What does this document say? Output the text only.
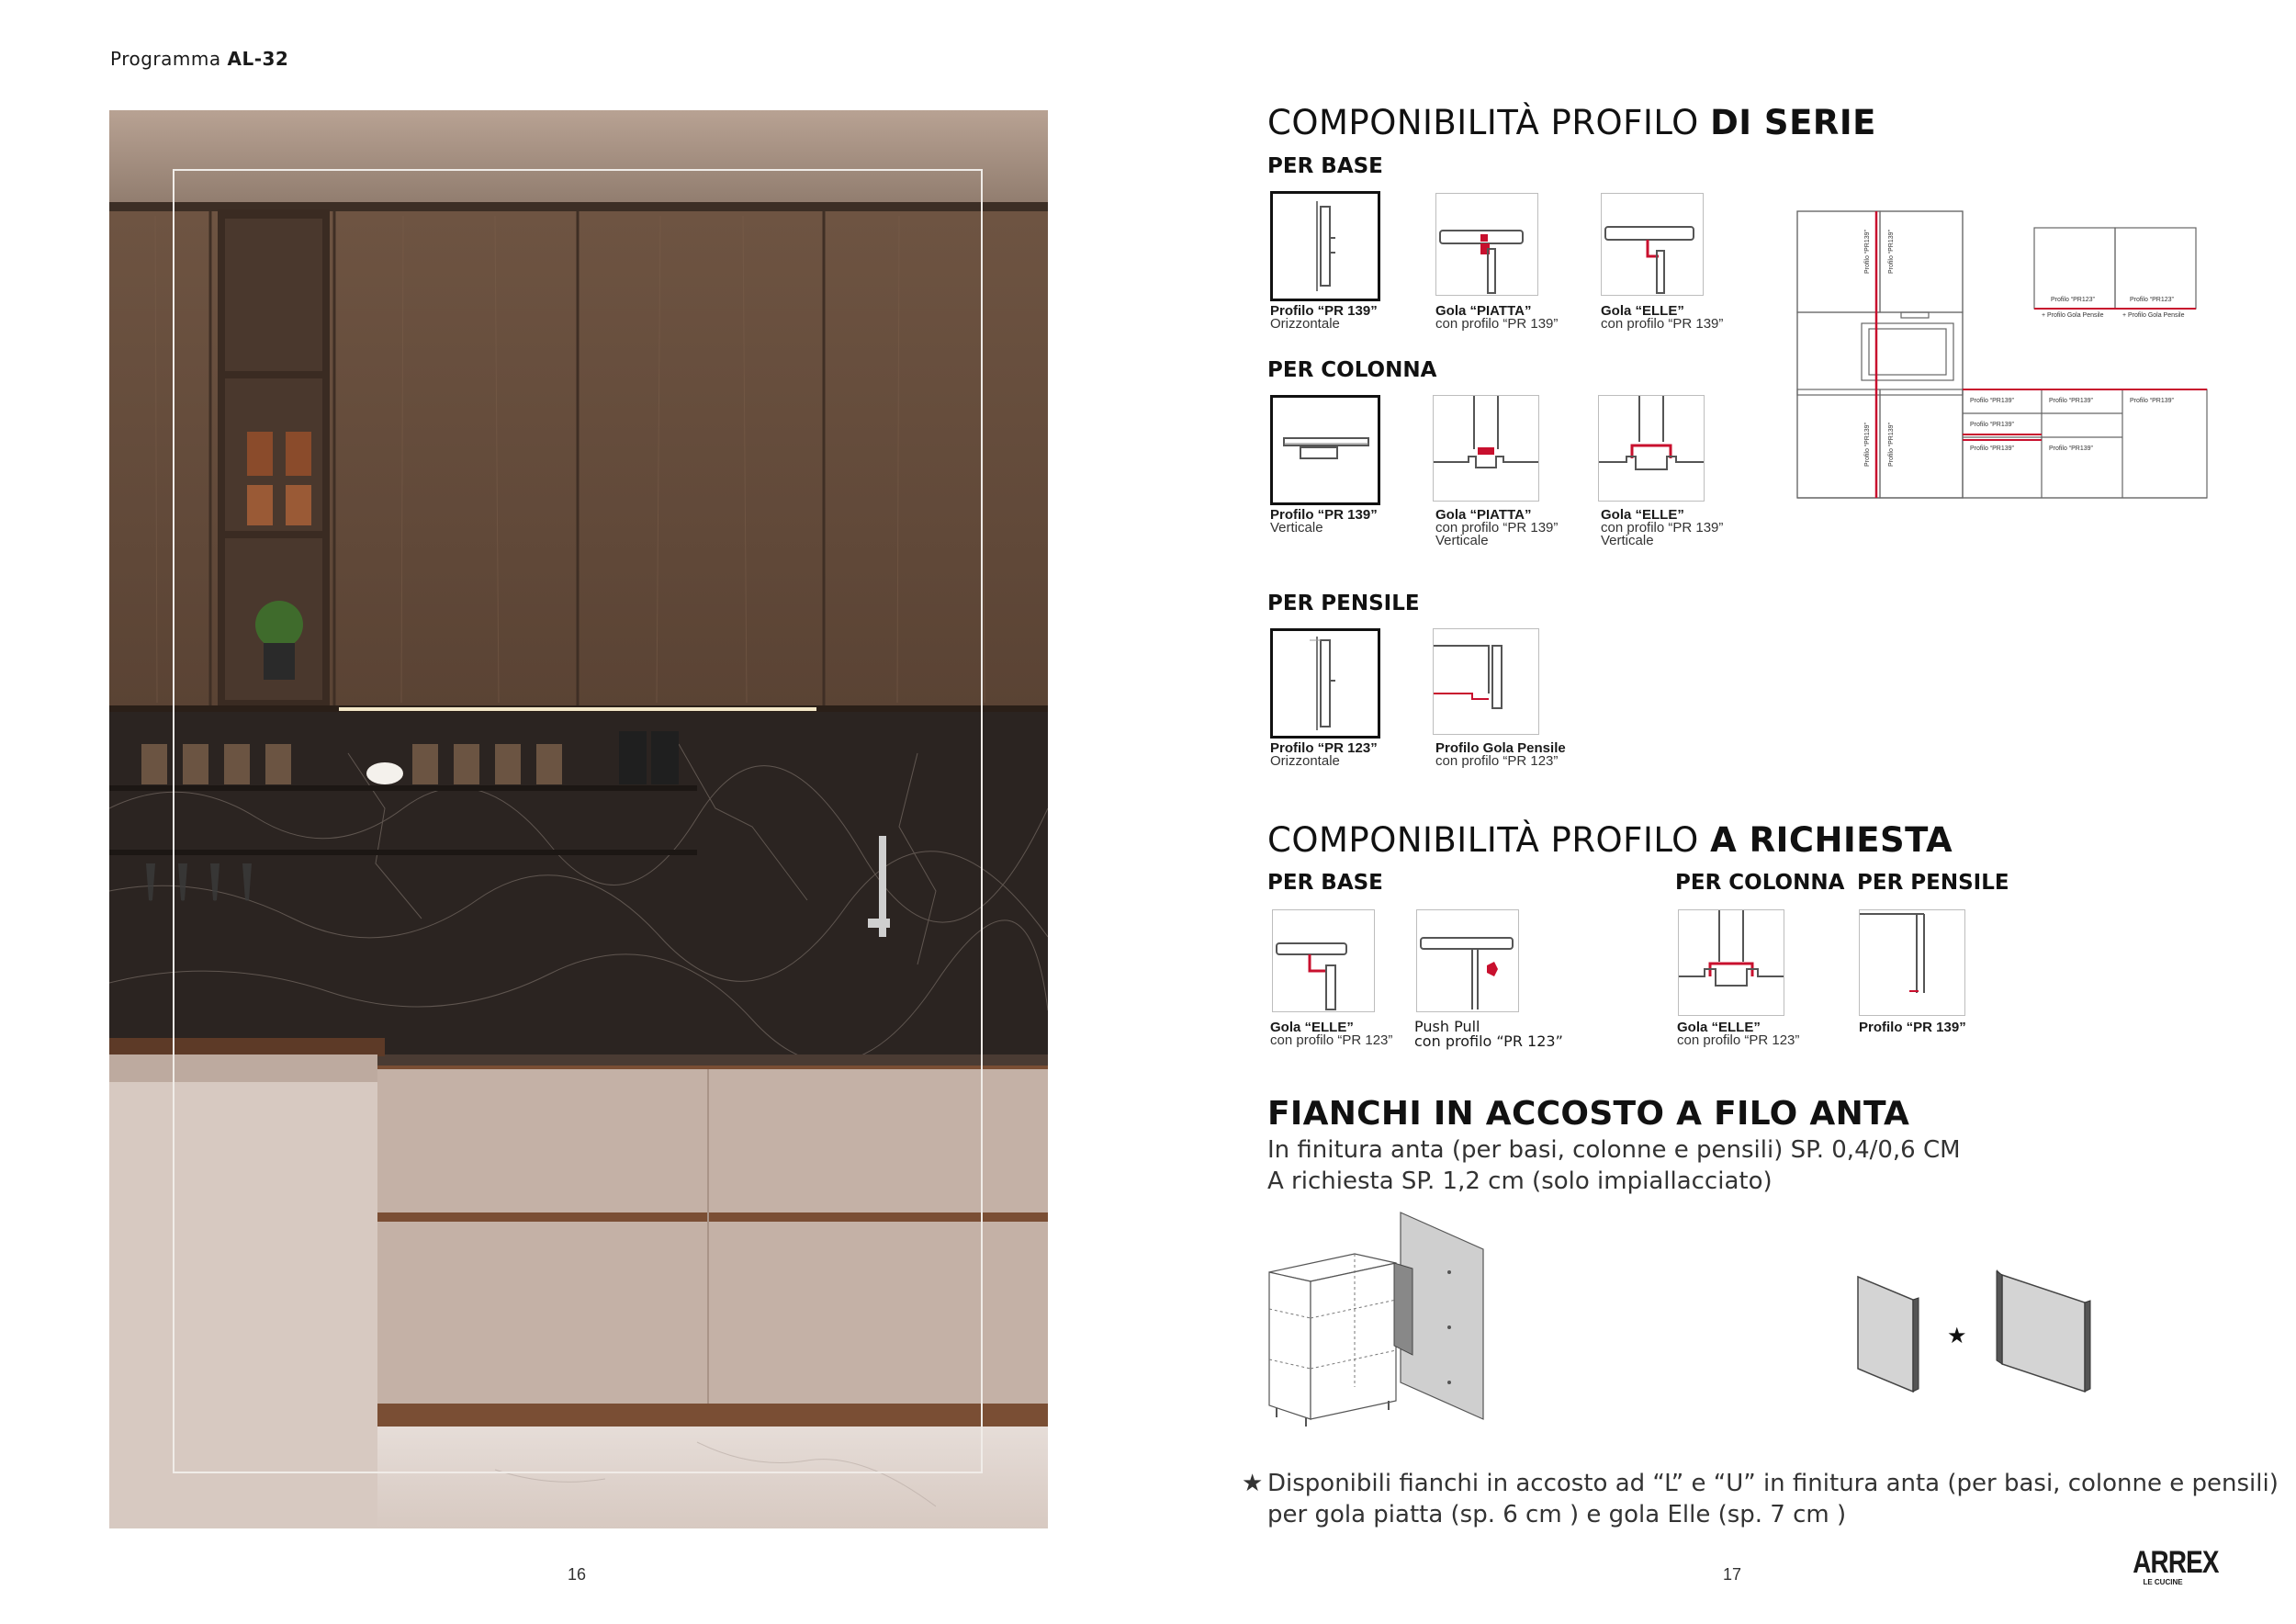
Programma AL-32
COMPONIBILITÀ PROFILO DI SERIE
PER BASE
Profilo “PR 139”
Orizzontale
Gola “PIATTA”
con profilo “PR 139”
Gola “ELLE”
con profilo “PR 139”
PER COLONNA
Profilo “PR 139”
Verticale
Gola “PIATTA”
con profilo “PR 139”
Verticale
Gola “ELLE”
con profilo “PR 139”
Verticale
PER PENSILE
Profilo “PR 123”
Orizzontale
Profilo Gola Pensile
con profilo “PR 123”
Profilo “PR139”	Profilo “PR139”
Profilo “PR139”	Profilo “PR139”
Profilo “PR123”
+ Profilo Gola Pensile
Profilo “PR123”
+ Profilo Gola Pensile
Profilo “PR139”	Profilo “PR139”	Profilo “PR139”
Profilo “PR139”
Profilo “PR139”	Profilo “PR139”
COMPONIBILITÀ PROFILO A RICHIESTA
PER BASE	PER COLONNA PER PENSILE
Gola “ELLE”
con profilo “PR 123”
Push Pull
con profilo “PR 123”
Gola “ELLE”
con profilo “PR 123”
Profilo “PR 139”
FIANCHI IN ACCOSTO A FILO ANTA
In finitura anta (per basi, colonne e pensili) SP. 0,4/0,6 CM
A richiesta SP. 1,2 cm (solo impiallacciato)
★
★ Disponibili fianchi in accosto ad “L” e “U” in finitura anta (per basi, colonne e pensili)
per gola piatta (sp. 6 cm ) e gola Elle (sp. 7 cm )
16	17	ARREX
LE CUCINE
